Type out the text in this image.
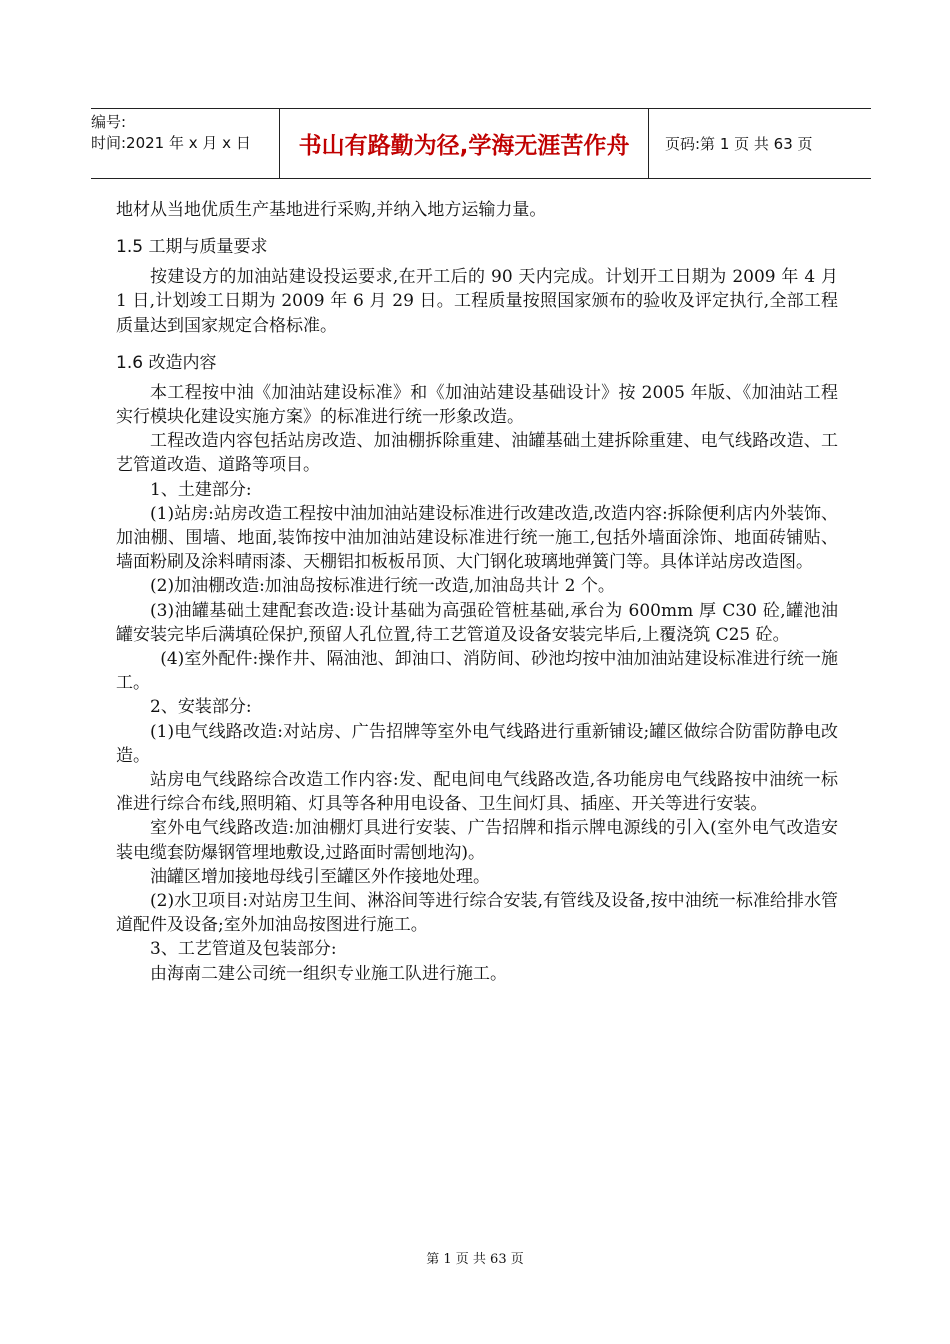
编号:
时间:2021 年 x 月 x 日	书山有路勤为径,学海无涯苦作舟	页码:第 1 页 共 63 页

地材从当地优质生产基地进行采购,并纳入地方运输力量。

1.5 工期与质量要求

按建设方的加油站建设投运要求,在开工后的 90 天内完成。计划开工日期为 2009 年 4 月 1 日,计划竣工日期为 2009 年 6 月 29 日。工程质量按照国家颁布的验收及评定执行,全部工程质量达到国家规定合格标准。

1.6 改造内容

本工程按中油《加油站建设标准》和《加油站建设基础设计》按 2005 年版、《加油站工程实行模块化建设实施方案》的标准进行统一形象改造。

工程改造内容包括站房改造、加油棚拆除重建、油罐基础土建拆除重建、电气线路改造、工艺管道改造、道路等项目。

1、土建部分:

(1)站房:站房改造工程按中油加油站建设标准进行改建改造,改造内容:拆除便利店内外装饰、加油棚、围墙、地面,装饰按中油加油站建设标准进行统一施工,包括外墙面涂饰、地面砖铺贴、墙面粉刷及涂料晴雨漆、天棚铝扣板板吊顶、大门钢化玻璃地弹簧门等。具体详站房改造图。

(2)加油棚改造:加油岛按标准进行统一改造,加油岛共计 2 个。

(3)油罐基础土建配套改造:设计基础为高强砼管桩基础,承台为 600mm 厚 C30 砼,罐池油罐安装完毕后满填砼保护,预留人孔位置,待工艺管道及设备安装完毕后,上覆浇筑 C25 砼。

(4)室外配件:操作井、隔油池、卸油口、消防间、砂池均按中油加油站建设标准进行统一施工。

2、安装部分:

(1)电气线路改造:对站房、广告招牌等室外电气线路进行重新铺设;罐区做综合防雷防静电改造。

站房电气线路综合改造工作内容:发、配电间电气线路改造,各功能房电气线路按中油统一标准进行综合布线,照明箱、灯具等各种用电设备、卫生间灯具、插座、开关等进行安装。

室外电气线路改造:加油棚灯具进行安装、广告招牌和指示牌电源线的引入(室外电气改造安装电缆套防爆钢管埋地敷设,过路面时需刨地沟)。

油罐区增加接地母线引至罐区外作接地处理。

(2)水卫项目:对站房卫生间、淋浴间等进行综合安装,有管线及设备,按中油统一标准给排水管道配件及设备;室外加油岛按图进行施工。

3、工艺管道及包装部分:

由海南二建公司统一组织专业施工队进行施工。

第 1 页 共 63 页
